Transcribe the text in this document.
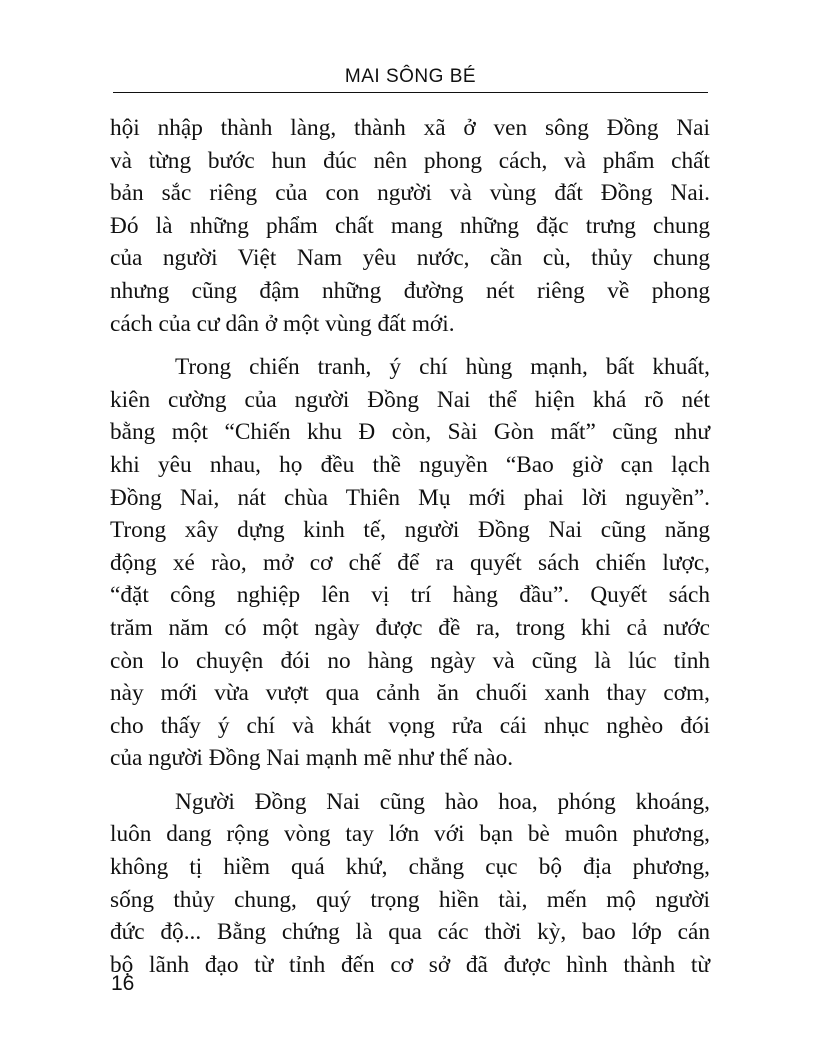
MAI SÔNG BÉ

hội nhập thành làng, thành xã ở ven sông Đồng Nai
và từng bước hun đúc nên phong cách, và phẩm chất
bản sắc riêng của con người và vùng đất Đồng Nai.
Đó là những phẩm chất mang những đặc trưng chung
của người Việt Nam yêu nước, cần cù, thủy chung
nhưng cũng đậm những đường nét riêng về phong
cách của cư dân ở một vùng đất mới.

Trong chiến tranh, ý chí hùng mạnh, bất khuất,
kiên cường của người Đồng Nai thể hiện khá rõ nét
bằng một “Chiến khu Đ còn, Sài Gòn mất” cũng như
khi yêu nhau, họ đều thề nguyền “Bao giờ cạn lạch
Đồng Nai, nát chùa Thiên Mụ mới phai lời nguyền”.
Trong xây dựng kinh tế, người Đồng Nai cũng năng
động xé rào, mở cơ chế để ra quyết sách chiến lược,
“đặt công nghiệp lên vị trí hàng đầu”. Quyết sách
trăm năm có một ngày được đề ra, trong khi cả nước
còn lo chuyện đói no hàng ngày và cũng là lúc tỉnh
này mới vừa vượt qua cảnh ăn chuối xanh thay cơm,
cho thấy ý chí và khát vọng rửa cái nhục nghèo đói
của người Đồng Nai mạnh mẽ như thế nào.

Người Đồng Nai cũng hào hoa, phóng khoáng,
luôn dang rộng vòng tay lớn với bạn bè muôn phương,
không tị hiềm quá khứ, chẳng cục bộ địa phương,
sống thủy chung, quý trọng hiền tài, mến mộ người
đức độ... Bằng chứng là qua các thời kỳ, bao lớp cán
bộ lãnh đạo từ tỉnh đến cơ sở đã được hình thành từ

16
